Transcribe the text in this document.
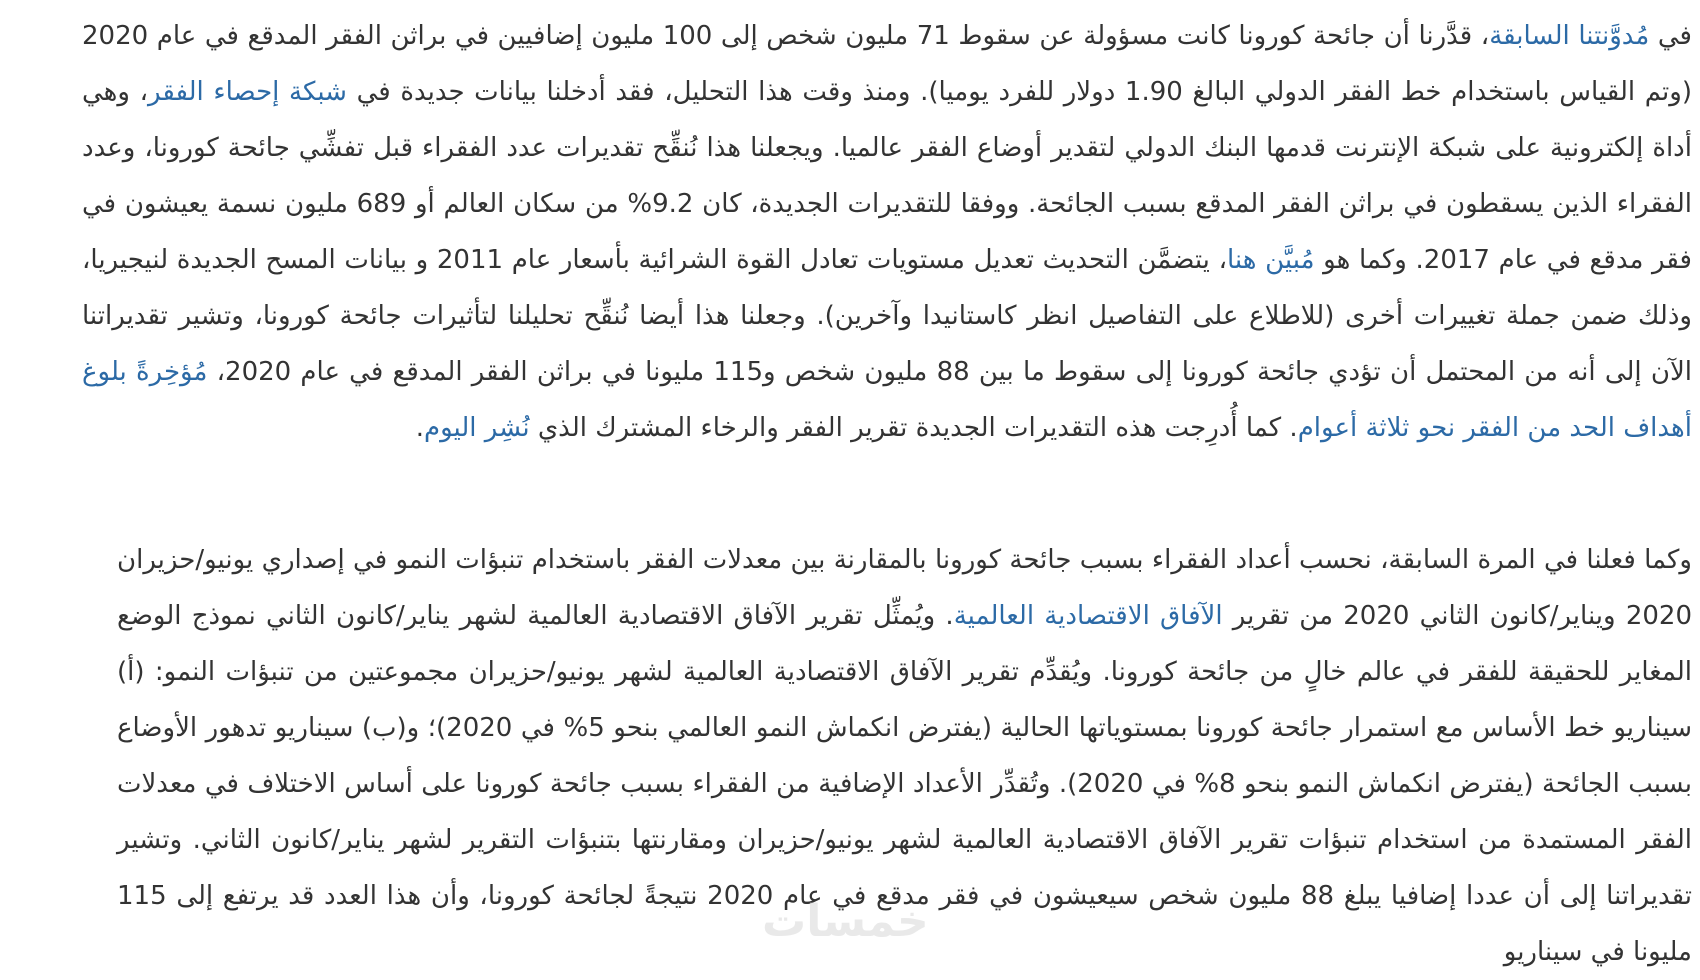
في مُدوَّنتنا السابقة، قدَّرنا أن جائحة كورونا كانت مسؤولة عن سقوط 71 مليون شخص إلى 100 مليون إضافيين في براثن الفقر المدقع في عام 2020 (وتم القياس باستخدام خط الفقر الدولي البالغ 1.90 دولار للفرد يوميا). ومنذ وقت هذا التحليل، فقد أدخلنا بيانات جديدة في شبكة إحصاء الفقر، وهي أداة إلكترونية على شبكة الإنترنت قدمها البنك الدولي لتقدير أوضاع الفقر عالميا. ويجعلنا هذا نُنقِّح تقديرات عدد الفقراء قبل تفشِّي جائحة كورونا، وعدد الفقراء الذين يسقطون في براثن الفقر المدقع بسبب الجائحة. ووفقا للتقديرات الجديدة، كان 9.2% من سكان العالم أو 689 مليون نسمة يعيشون في فقر مدقع في عام 2017. وكما هو مُبيَّن هنا، يتضمَّن التحديث تعديل مستويات تعادل القوة الشرائية بأسعار عام 2011 و بيانات المسح الجديدة لنيجيريا، وذلك ضمن جملة تغييرات أخرى (للاطلاع على التفاصيل انظر كاستانيدا وآخرين). وجعلنا هذا أيضا نُنقِّح تحليلنا لتأثيرات جائحة كورونا، وتشير تقديراتنا الآن إلى أنه من المحتمل أن تؤدي جائحة كورونا إلى سقوط ما بين 88 مليون شخص و115 مليونا في براثن الفقر المدقع في عام 2020، مُؤخِرةً بلوغ أهداف الحد من الفقر نحو ثلاثة أعوام. كما أُدرِجت هذه التقديرات الجديدة تقرير الفقر والرخاء المشترك الذي نُشِر اليوم.

وكما فعلنا في المرة السابقة، نحسب أعداد الفقراء بسبب جائحة كورونا بالمقارنة بين معدلات الفقر باستخدام تنبؤات النمو في إصداري يونيو/حزيران 2020 ويناير/كانون الثاني 2020 من تقرير الآفاق الاقتصادية العالمية. ويُمثِّل تقرير الآفاق الاقتصادية العالمية لشهر يناير/كانون الثاني نموذج الوضع المغاير للحقيقة للفقر في عالم خالٍ من جائحة كورونا. ويُقدِّم تقرير الآفاق الاقتصادية العالمية لشهر يونيو/حزيران مجموعتين من تنبؤات النمو: (أ) سيناريو خط الأساس مع استمرار جائحة كورونا بمستوياتها الحالية (يفترض انكماش النمو العالمي بنحو 5% في 2020)؛ و(ب) سيناريو تدهور الأوضاع بسبب الجائحة (يفترض انكماش النمو بنحو 8% في 2020). وتُقدِّر الأعداد الإضافية من الفقراء بسبب جائحة كورونا على أساس الاختلاف في معدلات الفقر المستمدة من استخدام تنبؤات تقرير الآفاق الاقتصادية العالمية لشهر يونيو/حزيران ومقارنتها بتنبؤات التقرير لشهر يناير/كانون الثاني. وتشير تقديراتنا إلى أن عددا إضافيا يبلغ 88 مليون شخص سيعيشون في فقر مدقع في عام 2020 نتيجةً لجائحة كورونا، وأن هذا العدد قد يرتفع إلى 115 مليونا في سيناريو

خمسات
